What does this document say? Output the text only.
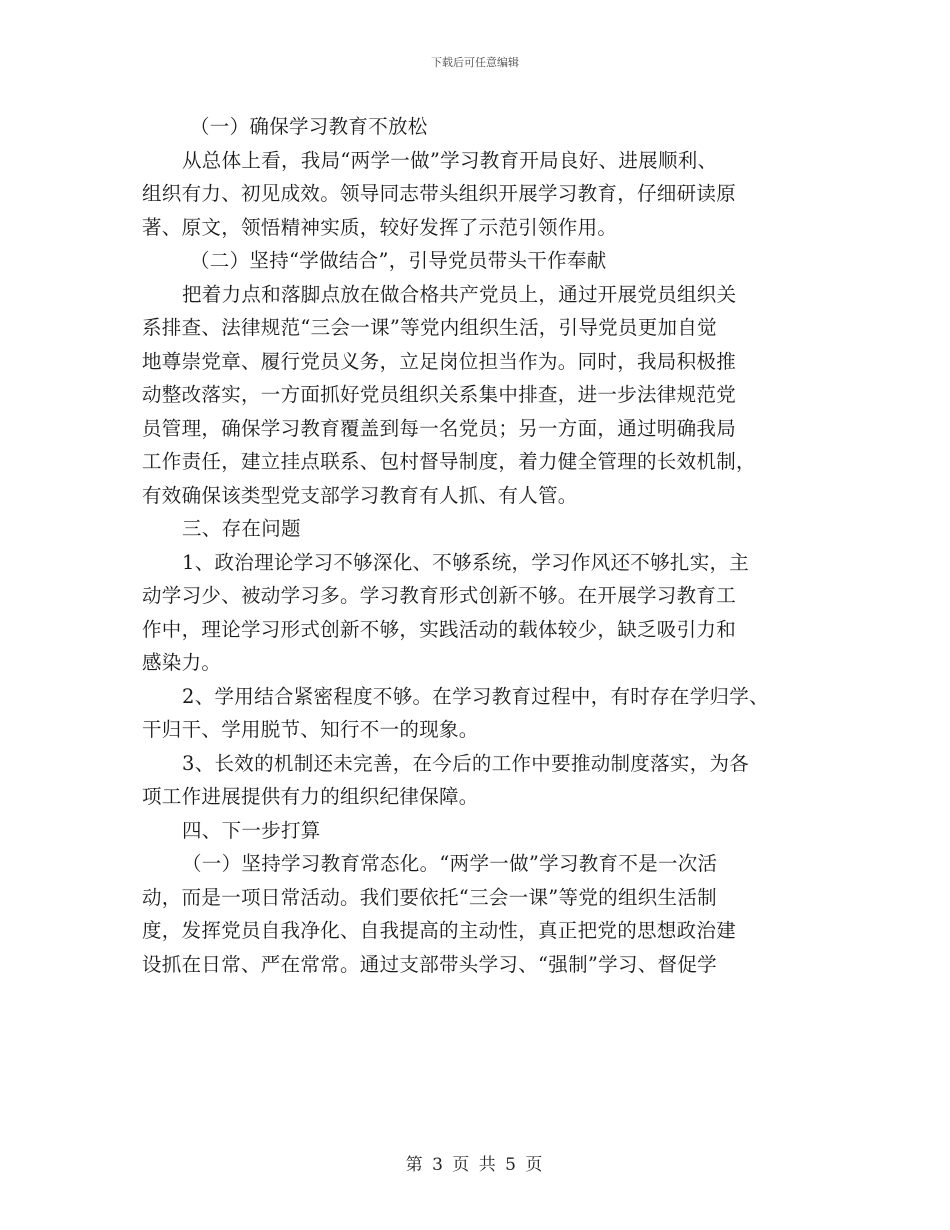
下载后可任意编辑
（一）确保学习教育不放松
从总体上看，我局“两学一做”学习教育开局良好、进展顺利、
组织有力、初见成效。领导同志带头组织开展学习教育，仔细研读原
著、原文，领悟精神实质，较好发挥了示范引领作用。
（二）坚持“学做结合”，引导党员带头干作奉献
把着力点和落脚点放在做合格共产党员上，通过开展党员组织关
系排查、法律规范“三会一课”等党内组织生活，引导党员更加自觉
地尊崇党章、履行党员义务，立足岗位担当作为。同时，我局积极推
动整改落实，一方面抓好党员组织关系集中排查，进一步法律规范党
员管理，确保学习教育覆盖到每一名党员；另一方面，通过明确我局
工作责任，建立挂点联系、包村督导制度，着力健全管理的长效机制，
有效确保该类型党支部学习教育有人抓、有人管。
三、存在问题
1、政治理论学习不够深化、不够系统，学习作风还不够扎实，主
动学习少、被动学习多。学习教育形式创新不够。在开展学习教育工
作中，理论学习形式创新不够，实践活动的载体较少，缺乏吸引力和
感染力。
2、学用结合紧密程度不够。在学习教育过程中，有时存在学归学、
干归干、学用脱节、知行不一的现象。
3、长效的机制还未完善，在今后的工作中要推动制度落实，为各
项工作进展提供有力的组织纪律保障。
四、下一步打算
（一）坚持学习教育常态化。“两学一做”学习教育不是一次活
动，而是一项日常活动。我们要依托“三会一课”等党的组织生活制
度，发挥党员自我净化、自我提高的主动性，真正把党的思想政治建
设抓在日常、严在常常。通过支部带头学习、“强制”学习、督促学
第 3 页 共 5 页
